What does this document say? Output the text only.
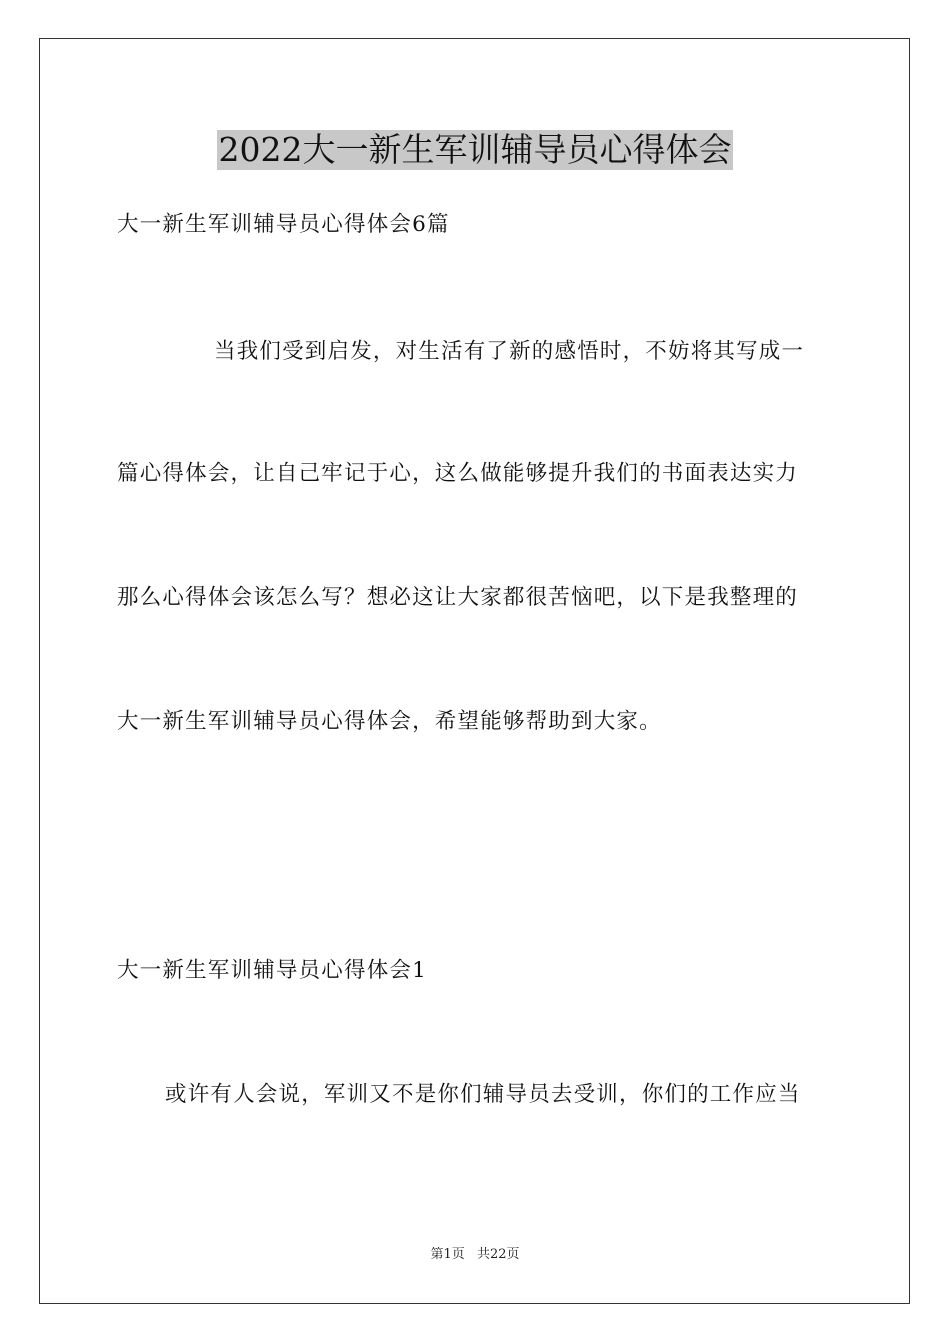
2022大一新生军训辅导员心得体会
大一新生军训辅导员心得体会6篇
当我们受到启发，对生活有了新的感悟时，不妨将其写成一
篇心得体会，让自己牢记于心，这么做能够提升我们的书面表达实力
那么心得体会该怎么写？想必这让大家都很苦恼吧，以下是我整理的
大一新生军训辅导员心得体会，希望能够帮助到大家。
大一新生军训辅导员心得体会1
或许有人会说，军训又不是你们辅导员去受训，你们的工作应当
第1页 共22页
